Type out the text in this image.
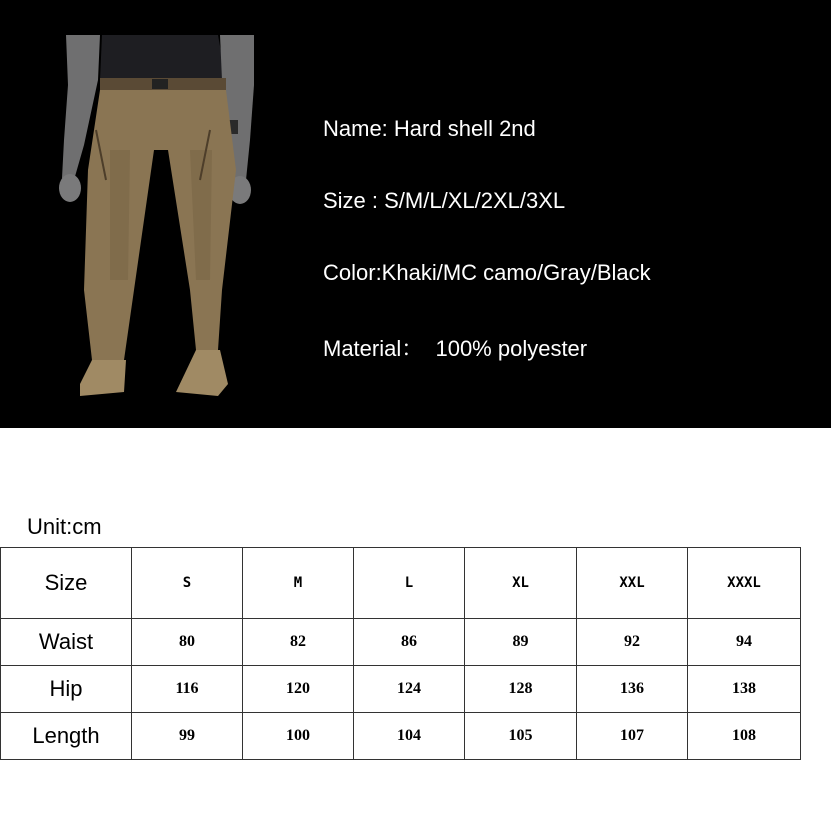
Name: Hard shell 2nd
Size : S/M/L/XL/2XL/3XL
Color:Khaki/MC camo/Gray/Black
Material：  100% polyester
Unit:cm
Size	S	M	L	XL	XXL	XXXL
Waist	80	82	86	89	92	94
Hip	116	120	124	128	136	138
Length	99	100	104	105	107	108
